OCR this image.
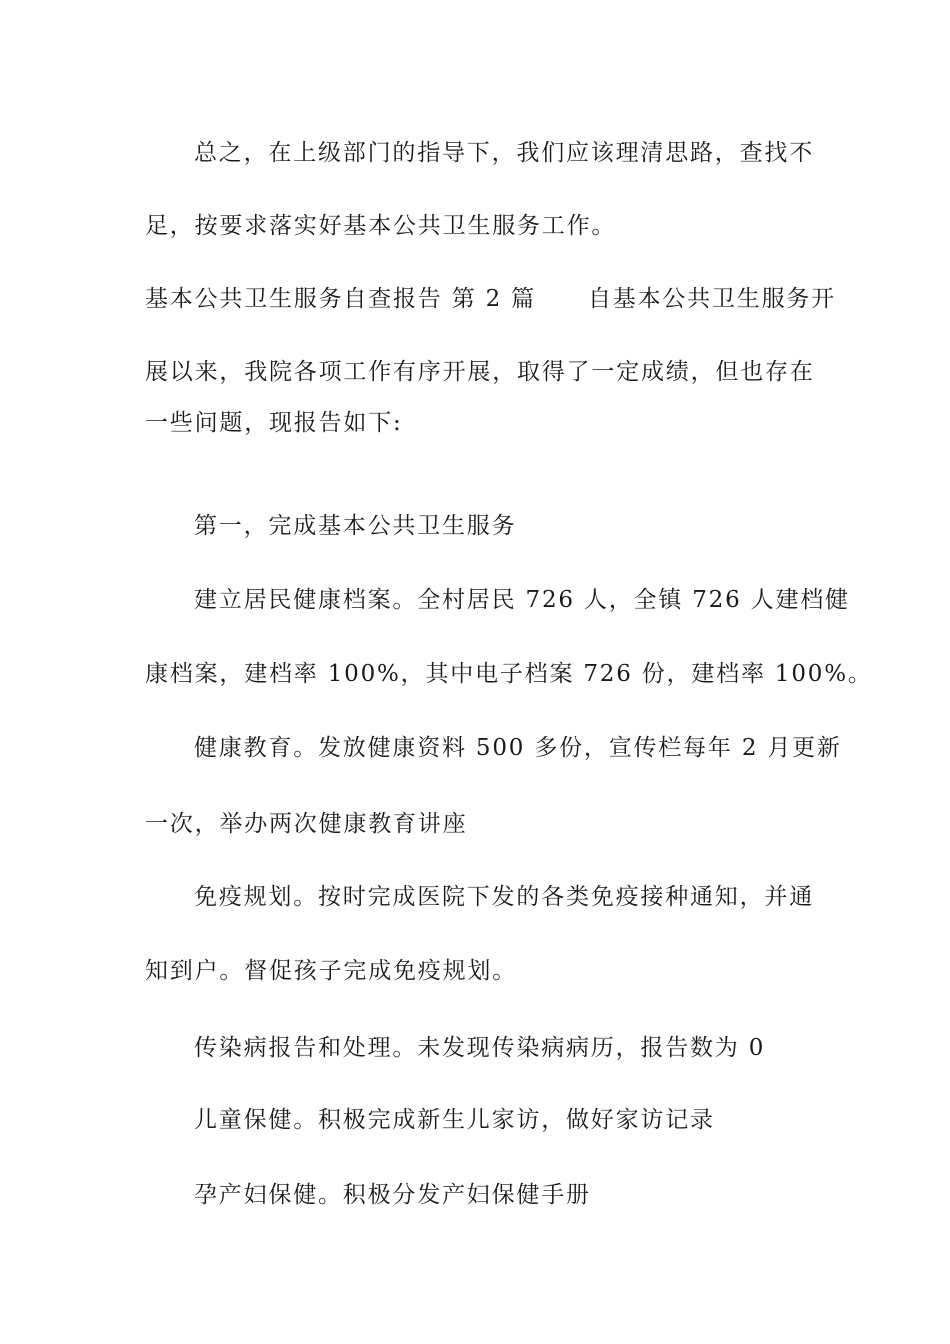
总之，在上级部门的指导下，我们应该理清思路，查找不
足，按要求落实好基本公共卫生服务工作。
基本公共卫生服务自查报告 第 2 篇 自基本公共卫生服务开
展以来，我院各项工作有序开展，取得了一定成绩，但也存在
一些问题，现报告如下:
第一，完成基本公共卫生服务
建立居民健康档案。全村居民 726 人，全镇 726 人建档健
康档案，建档率 100%，其中电子档案 726 份，建档率 100%。
健康教育。发放健康资料 500 多份，宣传栏每年 2 月更新
一次，举办两次健康教育讲座
免疫规划。按时完成医院下发的各类免疫接种通知，并通
知到户。督促孩子完成免疫规划。
传染病报告和处理。未发现传染病病历，报告数为 0
儿童保健。积极完成新生儿家访，做好家访记录
孕产妇保健。积极分发产妇保健手册
